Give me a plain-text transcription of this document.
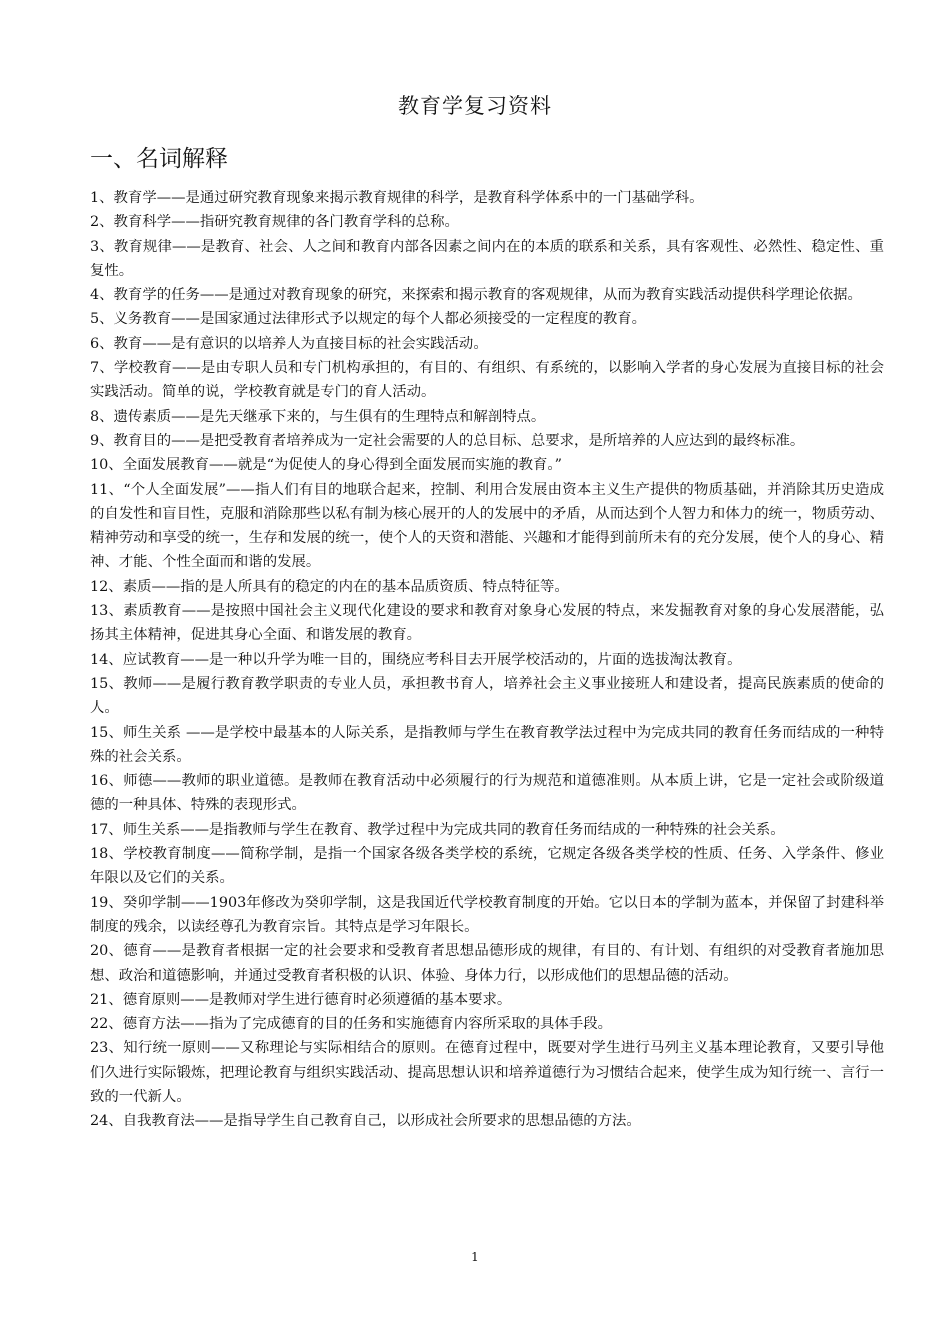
教育学复习资料
一、名词解释

1、教育学——是通过研究教育现象来揭示教育规律的科学，是教育科学体系中的一门基础学科。

2、教育科学——指研究教育规律的各门教育学科的总称。

3、教育规律——是教育、社会、人之间和教育内部各因素之间内在的本质的联系和关系，具有客观性、必然性、稳定性、重复性。

4、教育学的任务——是通过对教育现象的研究，来探索和揭示教育的客观规律，从而为教育实践活动提供科学理论依据。

5、义务教育——是国家通过法律形式予以规定的每个人都必须接受的一定程度的教育。

6、教育——是有意识的以培养人为直接目标的社会实践活动。

7、学校教育——是由专职人员和专门机构承担的，有目的、有组织、有系统的，以影响入学者的身心发展为直接目标的社会实践活动。简单的说，学校教育就是专门的育人活动。

8、遗传素质——是先天继承下来的，与生俱有的生理特点和解剖特点。

9、教育目的——是把受教育者培养成为一定社会需要的人的总目标、总要求，是所培养的人应达到的最终标准。

10、全面发展教育——就是“为促使人的身心得到全面发展而实施的教育。”

11、“个人全面发展”——指人们有目的地联合起来，控制、利用合发展由资本主义生产提供的物质基础，并消除其历史造成的自发性和盲目性，克服和消除那些以私有制为核心展开的人的发展中的矛盾，从而达到个人智力和体力的统一，物质劳动、精神劳动和享受的统一，生存和发展的统一，使个人的天资和潜能、兴趣和才能得到前所未有的充分发展，使个人的身心、精神、才能、个性全面而和谐的发展。

12、素质——指的是人所具有的稳定的内在的基本品质资质、特点特征等。

13、素质教育——是按照中国社会主义现代化建设的要求和教育对象身心发展的特点，来发掘教育对象的身心发展潜能，弘扬其主体精神，促进其身心全面、和谐发展的教育。

14、应试教育——是一种以升学为唯一目的，围绕应考科目去开展学校活动的，片面的选拔淘汰教育。

15、教师——是履行教育教学职责的专业人员，承担教书育人，培养社会主义事业接班人和建设者，提高民族素质的使命的人。

15、师生关系 ——是学校中最基本的人际关系，是指教师与学生在教育教学法过程中为完成共同的教育任务而结成的一种特殊的社会关系。

16、师德——教师的职业道德。是教师在教育活动中必须履行的行为规范和道德准则。从本质上讲，它是一定社会或阶级道德的一种具体、特殊的表现形式。

17、师生关系——是指教师与学生在教育、教学过程中为完成共同的教育任务而结成的一种特殊的社会关系。

18、学校教育制度——简称学制，是指一个国家各级各类学校的系统，它规定各级各类学校的性质、任务、入学条件、修业年限以及它们的关系。

19、癸卯学制——1903年修改为癸卯学制，这是我国近代学校教育制度的开始。它以日本的学制为蓝本，并保留了封建科举制度的残余，以读经尊孔为教育宗旨。其特点是学习年限长。

20、德育——是教育者根据一定的社会要求和受教育者思想品德形成的规律，有目的、有计划、有组织的对受教育者施加思想、政治和道德影响，并通过受教育者积极的认识、体验、身体力行，以形成他们的思想品德的活动。

21、德育原则——是教师对学生进行德育时必须遵循的基本要求。

22、德育方法——指为了完成德育的目的任务和实施德育内容所采取的具体手段。

23、知行统一原则——又称理论与实际相结合的原则。在德育过程中，既要对学生进行马列主义基本理论教育，又要引导他们久进行实际锻炼，把理论教育与组织实践活动、提高思想认识和培养道德行为习惯结合起来，使学生成为知行统一、言行一致的一代新人。

24、自我教育法——是指导学生自己教育自己，以形成社会所要求的思想品德的方法。

1
